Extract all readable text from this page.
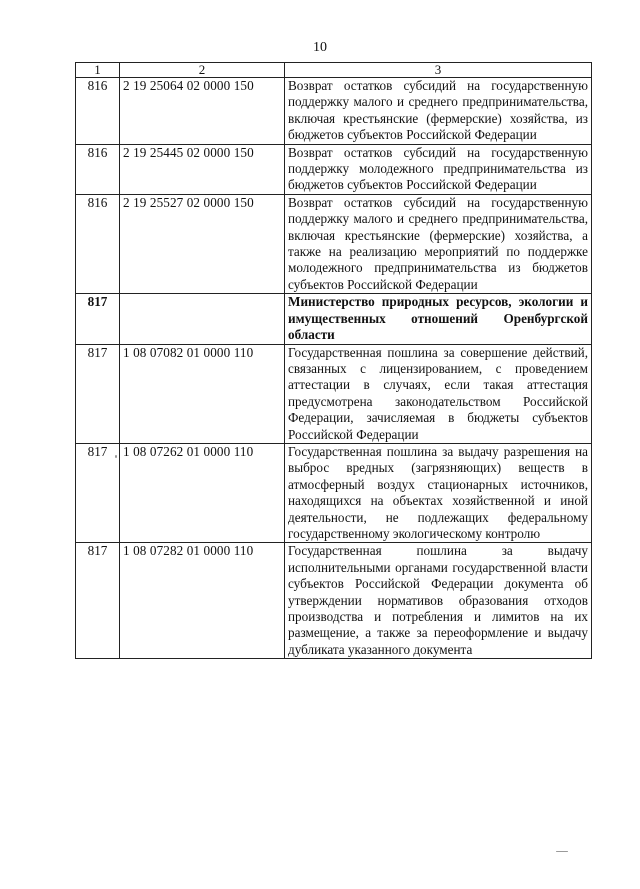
10
1	2	3
816	2 19 25064 02 0000 150	Возврат остатков субсидий на государственную поддержку малого и среднего предпринимательства, включая крестьянские (фермерские) хозяйства, из бюджетов субъектов Российской Федерации
816	2 19 25445 02 0000 150	Возврат остатков субсидий на государственную поддержку молодежного предпринимательства из бюджетов субъектов Российской Федерации
816	2 19 25527 02 0000 150	Возврат остатков субсидий на государственную поддержку малого и среднего предпринимательства, включая крестьянские (фермерские) хозяйства, а также на реализацию мероприятий по поддержке молодежного предпринимательства из бюджетов субъектов Российской Федерации
817		Министерство природных ресурсов, экологии и имущественных отношений Оренбургской области
817	1 08 07082 01 0000 110	Государственная пошлина за совершение действий, связанных с лицензированием, с проведением аттестации в случаях, если такая аттестация предусмотрена законодательством Российской Федерации, зачисляемая в бюджеты субъектов Российской Федерации
817	1 08 07262 01 0000 110	Государственная пошлина за выдачу разрешения на выброс вредных (загрязняющих) веществ в атмосферный воздух стационарных источников, находящихся на объектах хозяйственной и иной деятельности, не подлежащих федеральному государственному экологическому контролю
817	1 08 07282 01 0000 110	Государственная пошлина за выдачу исполнительными органами государственной власти субъектов Российской Федерации документа об утверждении нормативов образования отходов производства и потребления и лимитов на их размещение, а также за переоформление и выдачу дубликата указанного документа
